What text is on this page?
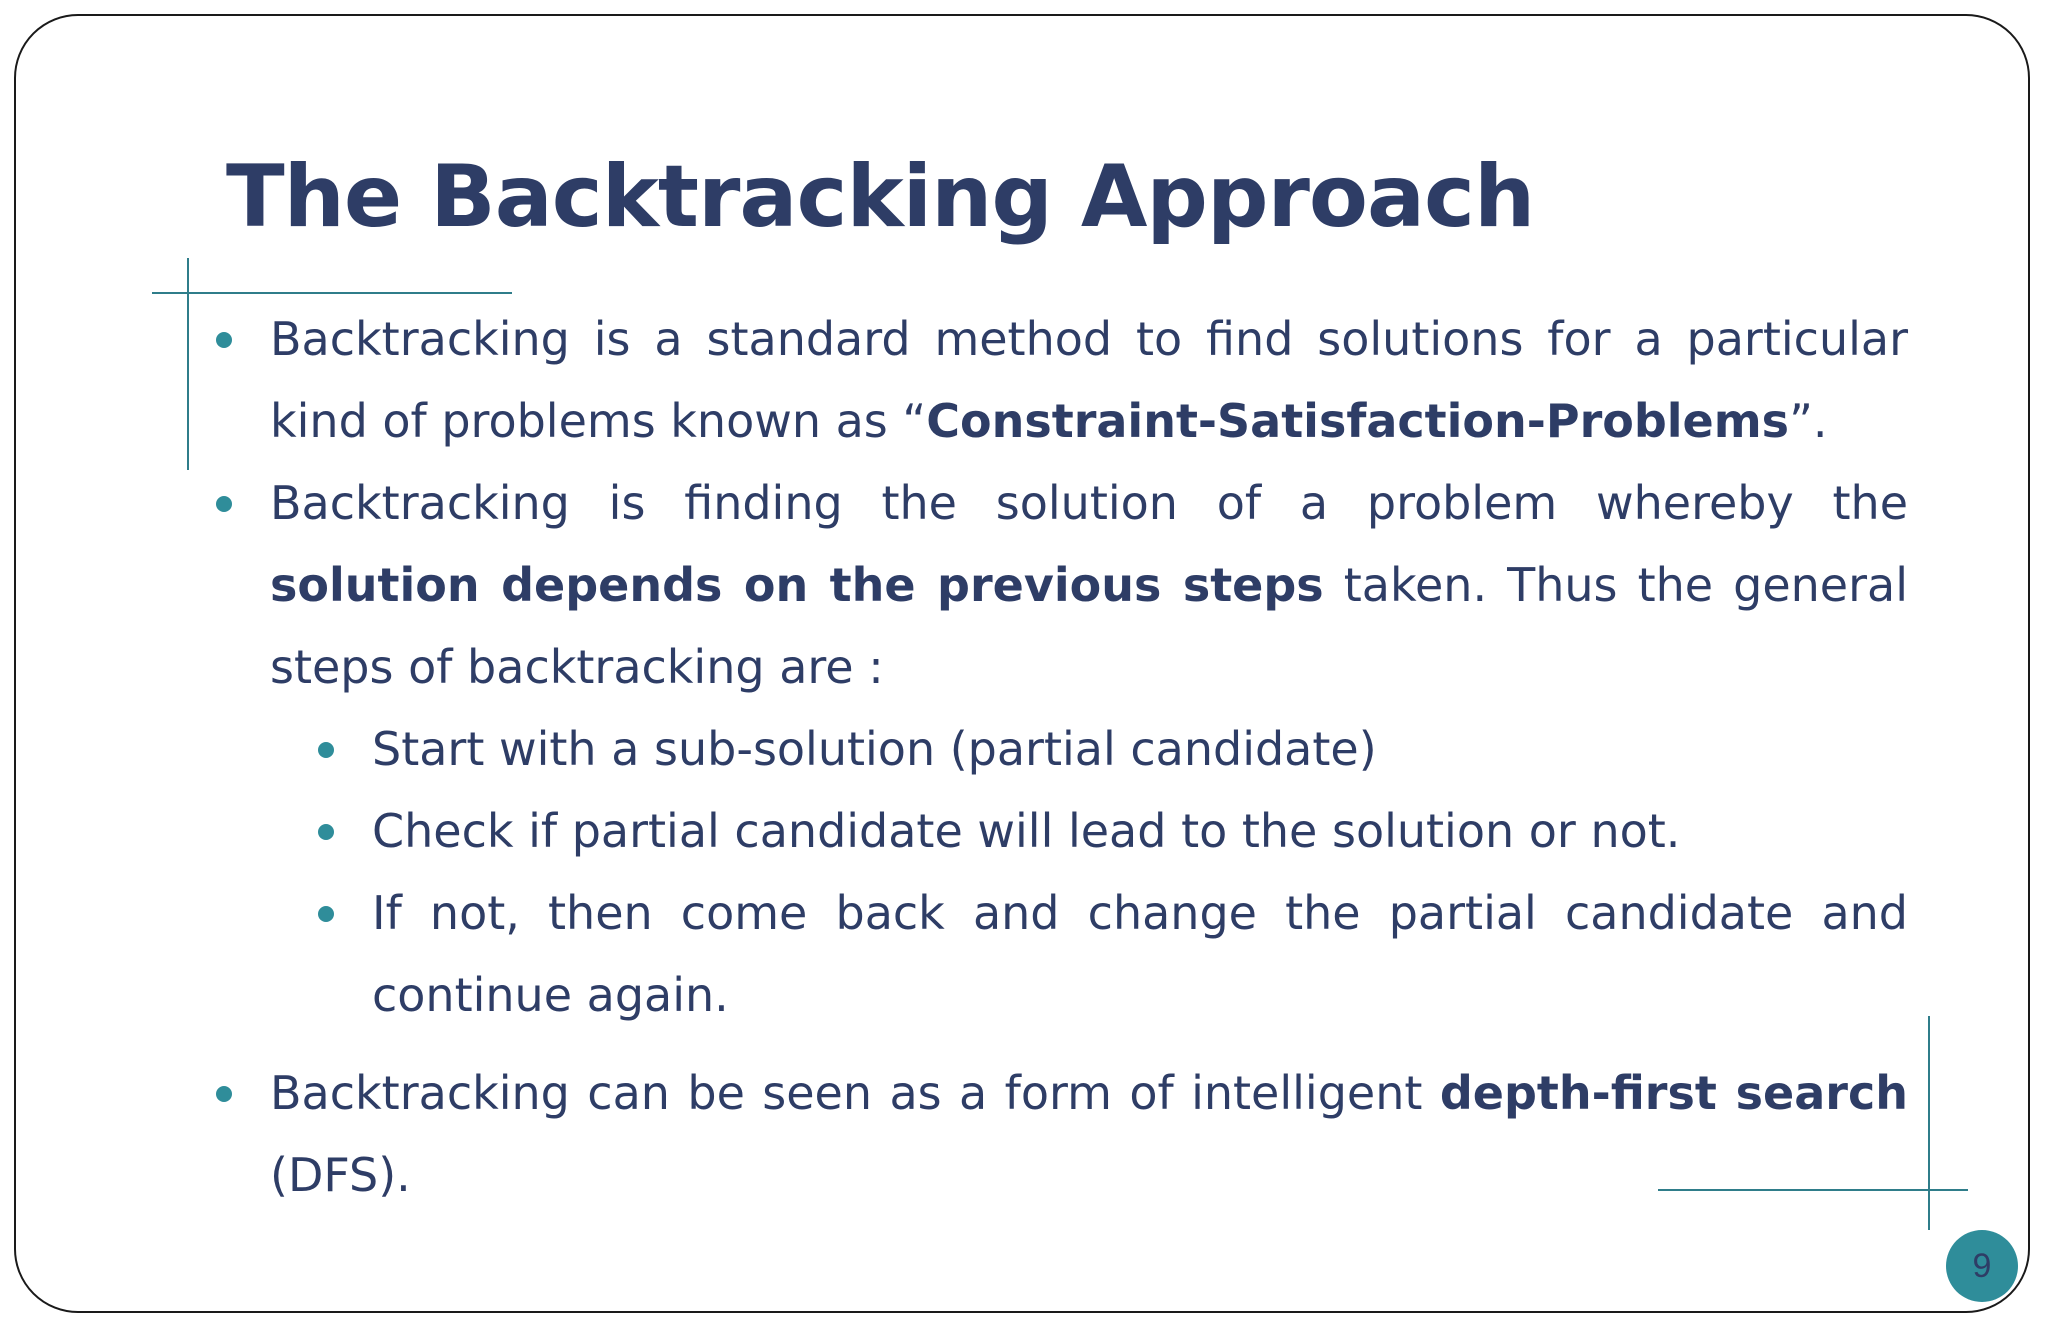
The Backtracking Approach
Backtracking is a standard method to find solutions for a particular kind of problems known as “Constraint-Satisfaction-Problems”.
Backtracking is finding the solution of a problem whereby the solution depends on the previous steps taken. Thus the general steps of backtracking are :
Start with a sub-solution (partial candidate)
Check if partial candidate will lead to the solution or not.
If not, then come back and change the partial candidate and continue again.
Backtracking can be seen as a form of intelligent depth-first search (DFS).
9
